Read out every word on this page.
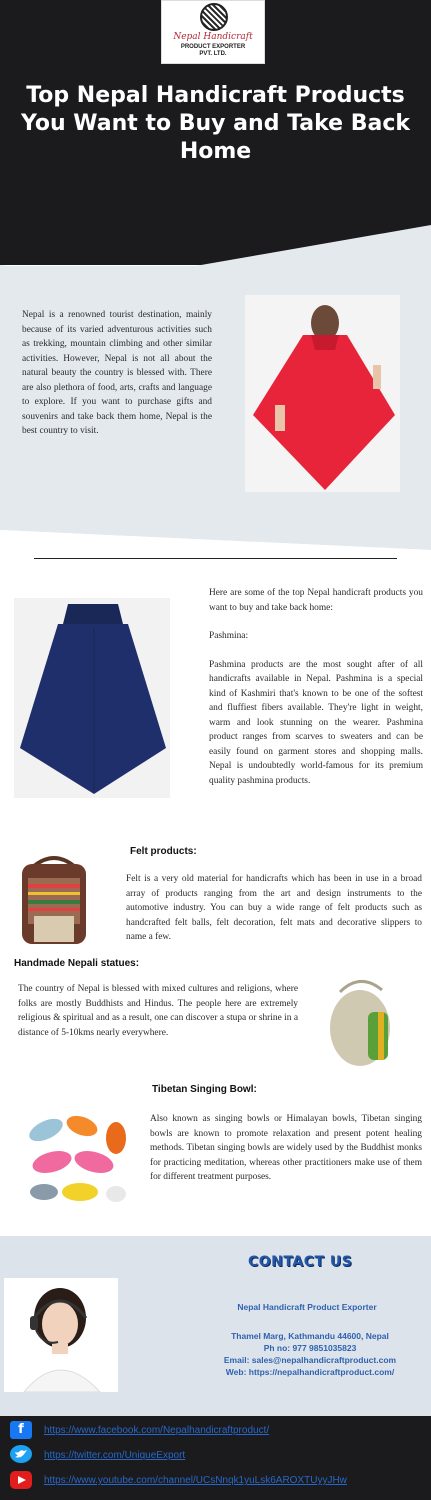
Nepal Handicraft
PRODUCT EXPORTER
PVT. LTD.
Top Nepal Handicraft Products You Want to Buy and Take Back Home

Nepal is a renowned tourist destination, mainly because of its varied adventurous activities such as trekking, mountain climbing and other similar activities. However, Nepal is not all about the natural beauty the country is blessed with. There are also plethora of food, arts, crafts and language to explore. If you want to purchase gifts and souvenirs and take back them home, Nepal is the best country to visit.

Here are some of the top Nepal handicraft products you want to buy and take back home:

Pashmina:

Pashmina products are the most sought after of all handicrafts available in Nepal. Pashmina is a special kind of Kashmiri that's known to be one of the softest and fluffiest fibers available. They're light in weight, warm and look stunning on the wearer. Pashmina product ranges from scarves to sweaters and can be easily found on garment stores and shopping malls. Nepal is undoubtedly world-famous for its premium quality pashmina products.

Felt products:

Felt is a very old material for handicrafts which has been in use in a broad array of products ranging from the art and design instruments to the automotive industry. You can buy a wide range of felt products such as handcrafted felt balls, felt decoration, felt mats and decorative slippers to name a few.

Handmade Nepali statues:

The country of Nepal is blessed with mixed cultures and religions, where folks are mostly Buddhists and Hindus. The people here are extremely religious & spiritual and as a result, one can discover a stupa or shrine in a distance of 5-10kms nearly everywhere.

Tibetan Singing Bowl:

Also known as singing bowls or Himalayan bowls, Tibetan singing bowls are known to promote relaxation and present potent healing methods. Tibetan singing bowls are widely used by the Buddhist monks for practicing meditation, whereas other practitioners make use of them for different treatment purposes.

CONTACT US
Nepal Handicraft Product Exporter
Thamel Marg, Kathmandu 44600, Nepal
Ph no: 977 9851035823
Email: sales@nepalhandicraftproduct.com
Web: https://nepalhandicraftproduct.com/
f	https://www.facebook.com/Nepalhandicraftproduct/
https://twitter.com/UniqueExport
https://www.youtube.com/channel/UCsNnqk1yuLsk6AROXTUyyJHw
